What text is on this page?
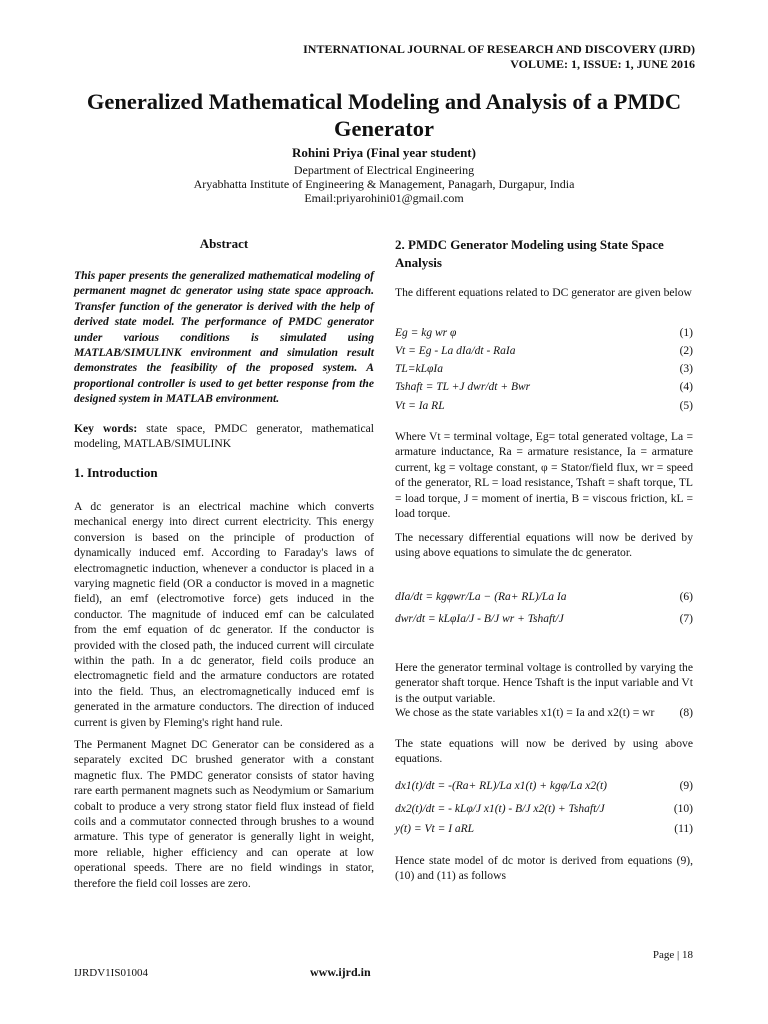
INTERNATIONAL JOURNAL OF RESEARCH AND DISCOVERY (IJRD)
VOLUME: 1, ISSUE: 1, JUNE 2016
Generalized Mathematical Modeling and Analysis of a PMDC Generator
Rohini Priya (Final year student)
Department of Electrical Engineering
Aryabhatta Institute of Engineering & Management, Panagarh, Durgapur, India
Email:priyarohini01@gmail.com
Abstract
This paper presents the generalized mathematical modeling of permanent magnet dc generator using state space approach. Transfer function of the generator is derived with the help of derived state model. The performance of PMDC generator under various conditions is simulated using MATLAB/SIMULINK environment and simulation result demonstrates the feasibility of the proposed system. A proportional controller is used to get better response from the designed system in MATLAB environment.
Key words: state space, PMDC generator, mathematical modeling, MATLAB/SIMULINK
1. Introduction
A dc generator is an electrical machine which converts mechanical energy into direct current electricity. This energy conversion is based on the principle of production of dynamically induced emf. According to Faraday's laws of electromagnetic induction, whenever a conductor is placed in a varying magnetic field (OR a conductor is moved in a magnetic field), an emf (electromotive force) gets induced in the conductor. The magnitude of induced emf can be calculated from the emf equation of dc generator. If the conductor is provided with the closed path, the induced current will circulate within the path. In a dc generator, field coils produce an electromagnetic field and the armature conductors are rotated into the field. Thus, an electromagnetically induced emf is generated in the armature conductors. The direction of induced current is given by Fleming's right hand rule.
The Permanent Magnet DC Generator can be considered as a separately excited DC brushed generator with a constant magnetic flux. The PMDC generator consists of stator having rare earth permanent magnets such as Neodymium or Samarium cobalt to produce a very strong stator field flux instead of field coils and a commutator connected through brushes to a wound armature. This type of generator is generally light in weight, more reliable, higher efficiency and can operate at low operational speeds. There are no field windings in stator, therefore the field coil losses are zero.
2. PMDC Generator Modeling using State Space Analysis
The different equations related to DC generator are given below
Eg = kg wr φ	(1)
Vt = Eg - La dIa/dt - RaIa	(2)
TL=kLφIa	(3)
Tshaft = TL +J dwr/dt + Bwr	(4)
Vt = Ia RL	(5)
Where Vt = terminal voltage, Eg= total generated voltage, La = armature inductance, Ra = armature resistance, Ia = armature current, kg = voltage constant, φ = Stator/field flux, wr = speed of the generator, RL = load resistance, Tshaft = shaft torque, TL = load torque, J = moment of inertia, B = viscous friction, kL = load torque.
The necessary differential equations will now be derived by using above equations to simulate the dc generator.
dIa/dt = kgφwr/La − (Ra+ RL)/La Ia	(6)
dwr/dt = kLφIa/J - B/J wr + Tshaft/J	(7)
Here the generator terminal voltage is controlled by varying the generator shaft torque. Hence Tshaft is the input variable and Vt is the output variable.
We chose as the state variables x1(t) = Ia and x2(t) = wr (8)
The state equations will now be derived by using above equations.
dx1(t)/dt = -(Ra+ RL)/La x1(t) + kgφ/La x2(t)	(9)
dx2(t)/dt = - kLφ/J x1(t) - B/J x2(t) + Tshaft/J	(10)
y(t) = Vt = I aRL	(11)
Hence state model of dc motor is derived from equations (9), (10) and (11) as follows
Page | 18
IJRDV1IS01004	www.ijrd.in
